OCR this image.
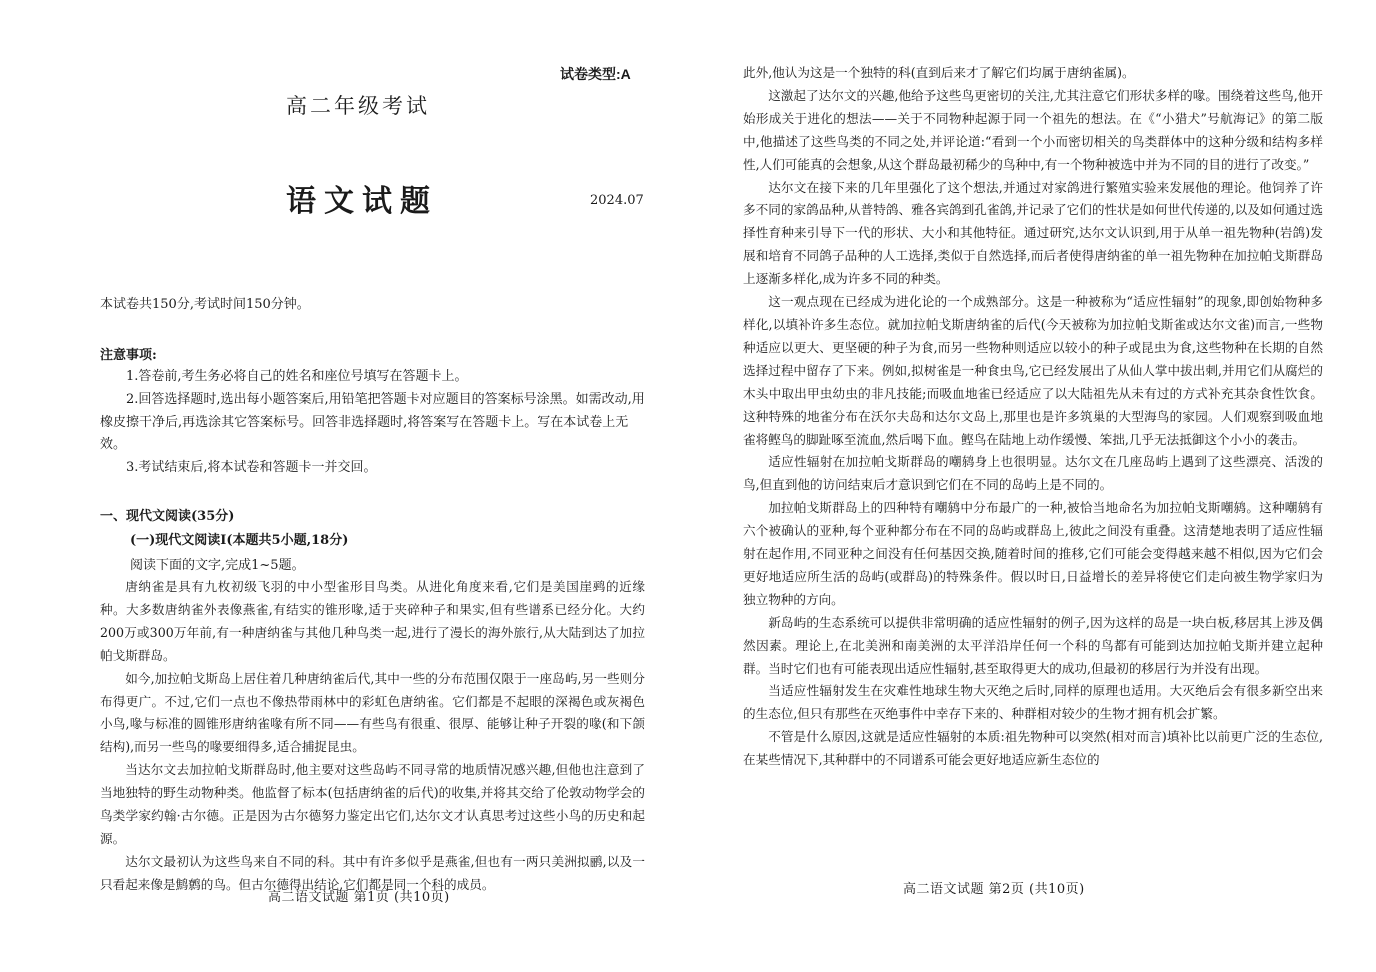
试卷类型:A
高二年级考试
语文试题	2024.07
本试卷共150分,考试时间150分钟。
注意事项:

1.答卷前,考生务必将自己的姓名和座位号填写在答题卡上。

2.回答选择题时,选出每小题答案后,用铅笔把答题卡对应题目的答案标号涂黑。如需改动,用橡皮擦干净后,再选涂其它答案标号。回答非选择题时,将答案写在答题卡上。写在本试卷上无效。

3.考试结束后,将本试卷和答题卡一并交回。

一、现代文阅读(35分)
(一)现代文阅读Ⅰ(本题共5小题,18分)
阅读下面的文字,完成1~5题。

唐纳雀是具有九枚初级飞羽的中小型雀形目鸟类。从进化角度来看,它们是美国崖鹀的近缘种。大多数唐纳雀外表像燕雀,有结实的锥形喙,适于夹碎种子和果实,但有些谱系已经分化。大约200万或300万年前,有一种唐纳雀与其他几种鸟类一起,进行了漫长的海外旅行,从大陆到达了加拉帕戈斯群岛。

如今,加拉帕戈斯岛上居住着几种唐纳雀后代,其中一些的分布范围仅限于一座岛屿,另一些则分布得更广。不过,它们一点也不像热带雨林中的彩虹色唐纳雀。它们都是不起眼的深褐色或灰褐色小鸟,喙与标准的圆锥形唐纳雀喙有所不同——有些鸟有很重、很厚、能够让种子开裂的喙(和下颌结构),而另一些鸟的喙要细得多,适合捕捉昆虫。

当达尔文去加拉帕戈斯群岛时,他主要对这些岛屿不同寻常的地质情况感兴趣,但他也注意到了当地独特的野生动物种类。他监督了标本(包括唐纳雀的后代)的收集,并将其交给了伦敦动物学会的鸟类学家约翰·古尔德。正是因为古尔德努力鉴定出它们,达尔文才认真思考过这些小鸟的历史和起源。

达尔文最初认为这些鸟来自不同的科。其中有许多似乎是燕雀,但也有一两只美洲拟鹂,以及一只看起来像是鹪鹩的鸟。但古尔德得出结论,它们都是同一个科的成员。

高二语文试题 第1页 (共10页)

此外,他认为这是一个独特的科(直到后来才了解它们均属于唐纳雀属)。

这激起了达尔文的兴趣,他给予这些鸟更密切的关注,尤其注意它们形状多样的喙。围绕着这些鸟,他开始形成关于进化的想法——关于不同物种起源于同一个祖先的想法。在《“小猎犬”号航海记》的第二版中,他描述了这些鸟类的不同之处,并评论道:“看到一个小而密切相关的鸟类群体中的这种分级和结构多样性,人们可能真的会想象,从这个群岛最初稀少的鸟种中,有一个物种被选中并为不同的目的进行了改变。”

达尔文在接下来的几年里强化了这个想法,并通过对家鸽进行繁殖实验来发展他的理论。他饲养了许多不同的家鸽品种,从普特鸽、雅各宾鸽到孔雀鸽,并记录了它们的性状是如何世代传递的,以及如何通过选择性育种来引导下一代的形状、大小和其他特征。通过研究,达尔文认识到,用于从单一祖先物种(岩鸽)发展和培育不同鸽子品种的人工选择,类似于自然选择,而后者使得唐纳雀的单一祖先物种在加拉帕戈斯群岛上逐渐多样化,成为许多不同的种类。

这一观点现在已经成为进化论的一个成熟部分。这是一种被称为“适应性辐射”的现象,即创始物种多样化,以填补许多生态位。就加拉帕戈斯唐纳雀的后代(今天被称为加拉帕戈斯雀或达尔文雀)而言,一些物种适应以更大、更坚硬的种子为食,而另一些物种则适应以较小的种子或昆虫为食,这些物种在长期的自然选择过程中留存了下来。例如,拟树雀是一种食虫鸟,它已经发展出了从仙人掌中拔出刺,并用它们从腐烂的木头中取出甲虫幼虫的非凡技能;而吸血地雀已经适应了以大陆祖先从未有过的方式补充其杂食性饮食。这种特殊的地雀分布在沃尔夫岛和达尔文岛上,那里也是许多筑巢的大型海鸟的家园。人们观察到吸血地雀将鲣鸟的脚趾啄至流血,然后喝下血。鲣鸟在陆地上动作缓慢、笨拙,几乎无法抵御这个小小的袭击。

适应性辐射在加拉帕戈斯群岛的嘲鸫身上也很明显。达尔文在几座岛屿上遇到了这些漂亮、活泼的鸟,但直到他的访问结束后才意识到它们在不同的岛屿上是不同的。

加拉帕戈斯群岛上的四种特有嘲鸫中分布最广的一种,被恰当地命名为加拉帕戈斯嘲鸫。这种嘲鸫有六个被确认的亚种,每个亚种都分布在不同的岛屿或群岛上,彼此之间没有重叠。这清楚地表明了适应性辐射在起作用,不同亚种之间没有任何基因交换,随着时间的推移,它们可能会变得越来越不相似,因为它们会更好地适应所生活的岛屿(或群岛)的特殊条件。假以时日,日益增长的差异将使它们走向被生物学家归为独立物种的方向。

新岛屿的生态系统可以提供非常明确的适应性辐射的例子,因为这样的岛是一块白板,移居其上涉及偶然因素。理论上,在北美洲和南美洲的太平洋沿岸任何一个科的鸟都有可能到达加拉帕戈斯并建立起种群。当时它们也有可能表现出适应性辐射,甚至取得更大的成功,但最初的移居行为并没有出现。

当适应性辐射发生在灾难性地球生物大灭绝之后时,同样的原理也适用。大灭绝后会有很多新空出来的生态位,但只有那些在灭绝事件中幸存下来的、种群相对较少的生物才拥有机会扩繁。

不管是什么原因,这就是适应性辐射的本质:祖先物种可以突然(相对而言)填补比以前更广泛的生态位,在某些情况下,其种群中的不同谱系可能会更好地适应新生态位的

高二语文试题 第2页 (共10页)
